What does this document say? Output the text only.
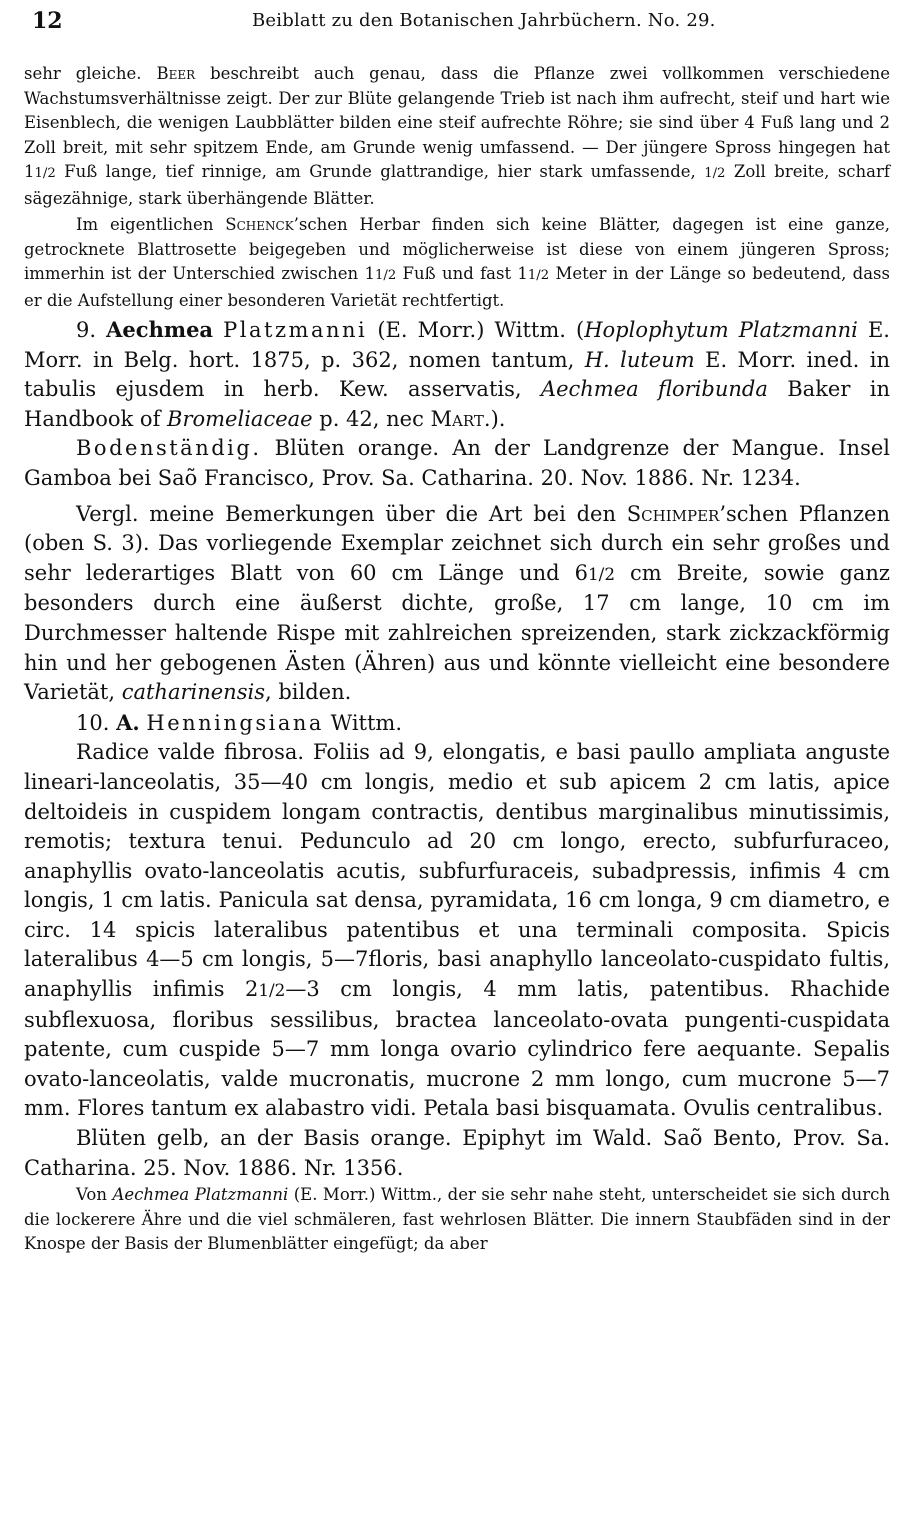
12	Beiblatt zu den Botanischen Jahrbüchern. No. 29.

sehr gleiche. Beer beschreibt auch genau, dass die Pflanze zwei vollkommen verschiedene Wachstumsverhältnisse zeigt. Der zur Blüte gelangende Trieb ist nach ihm aufrecht, steif und hart wie Eisenblech, die wenigen Laubblätter bilden eine steif aufrechte Röhre; sie sind über 4 Fuß lang und 2 Zoll breit, mit sehr spitzem Ende, am Grunde wenig umfassend. — Der jüngere Spross hingegen hat 11/2 Fuß lange, tief rinnige, am Grunde glattrandige, hier stark umfassende, 1/2 Zoll breite, scharf sägezähnige, stark überhängende Blätter.

Im eigentlichen Schenck’schen Herbar finden sich keine Blätter, dagegen ist eine ganze, getrocknete Blattrosette beigegeben und möglicherweise ist diese von einem jüngeren Spross; immerhin ist der Unterschied zwischen 11/2 Fuß und fast 11/2 Meter in der Länge so bedeutend, dass er die Aufstellung einer besonderen Varietät rechtfertigt.

9. Aechmea Platzmanni (E. Morr.) Wittm. (Hoplophytum Platzmanni E. Morr. in Belg. hort. 1875, p. 362, nomen tantum, H. luteum E. Morr. ined. in tabulis ejusdem in herb. Kew. asservatis, Aechmea floribunda Baker in Handbook of Bromeliaceae p. 42, nec Mart.).

Bodenständig. Blüten orange. An der Landgrenze der Mangue. Insel Gamboa bei Saõ Francisco, Prov. Sa. Catharina. 20. Nov. 1886. Nr. 1234.

Vergl. meine Bemerkungen über die Art bei den Schimper’schen Pflanzen (oben S. 3). Das vorliegende Exemplar zeichnet sich durch ein sehr großes und sehr lederartiges Blatt von 60 cm Länge und 61/2 cm Breite, sowie ganz besonders durch eine äußerst dichte, große, 17 cm lange, 10 cm im Durchmesser haltende Rispe mit zahlreichen spreizenden, stark zickzackförmig hin und her gebogenen Ästen (Ähren) aus und könnte vielleicht eine besondere Varietät, catharinensis, bilden.

10. A. Henningsiana Wittm.

Radice valde fibrosa. Foliis ad 9, elongatis, e basi paullo ampliata anguste lineari-lanceolatis, 35—40 cm longis, medio et sub apicem 2 cm latis, apice deltoideis in cuspidem longam contractis, dentibus marginalibus minutissimis, remotis; textura tenui. Pedunculo ad 20 cm longo, erecto, subfurfuraceo, anaphyllis ovato-lanceolatis acutis, subfurfuraceis, subadpressis, infimis 4 cm longis, 1 cm latis. Panicula sat densa, pyramidata, 16 cm longa, 9 cm diametro, e circ. 14 spicis lateralibus patentibus et una terminali composita. Spicis lateralibus 4—5 cm longis, 5—7floris, basi anaphyllo lanceolato-cuspidato fultis, anaphyllis infimis 21/2—3 cm longis, 4 mm latis, patentibus. Rhachide subflexuosa, floribus sessilibus, bractea lanceolato-ovata pungenti-cuspidata patente, cum cuspide 5—7 mm longa ovario cylindrico fere aequante. Sepalis ovato-lanceolatis, valde mucronatis, mucrone 2 mm longo, cum mucrone 5—7 mm. Flores tantum ex alabastro vidi. Petala basi bisquamata. Ovulis centralibus.

Blüten gelb, an der Basis orange. Epiphyt im Wald. Saõ Bento, Prov. Sa. Catharina. 25. Nov. 1886. Nr. 1356.

Von Aechmea Platzmanni (E. Morr.) Wittm., der sie sehr nahe steht, unterscheidet sie sich durch die lockerere Ähre und die viel schmäleren, fast wehrlosen Blätter. Die innern Staubfäden sind in der Knospe der Basis der Blumenblätter eingefügt; da aber
